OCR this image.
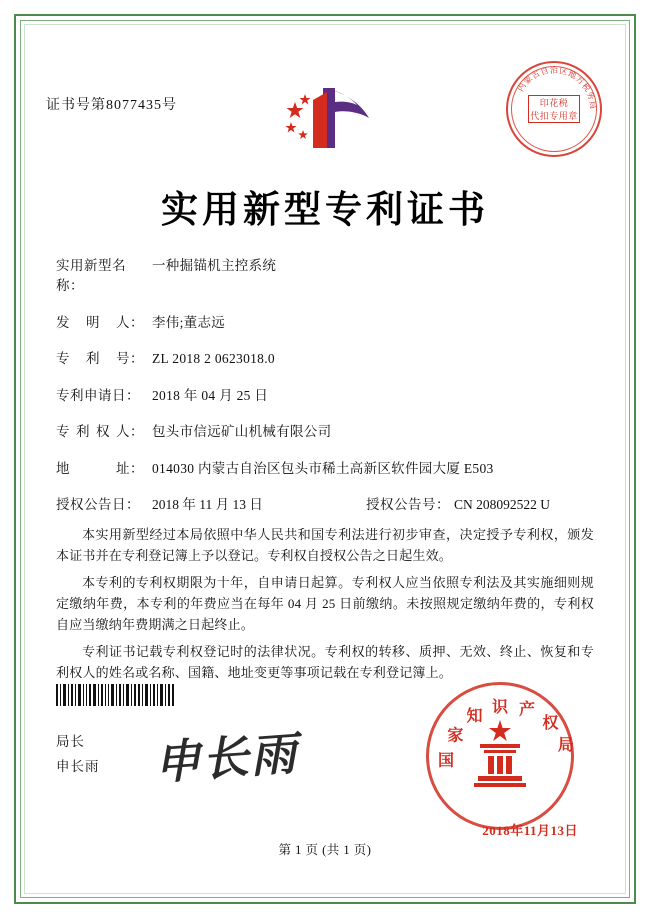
证书号第8077435号
内
蒙
古
自 治 区
地
方
税
务
局
印花税
代扣专用章
实用新型专利证书
实用新型名称：
一种掘锚机主控系统
发 明 人： 李伟;董志远
专 利 号： ZL 2018 2 0623018.0
专利申请日： 2018 年 04 月 25 日
专 利 权 人： 包头市信远矿山机械有限公司
地	址： 014030 内蒙古自治区包头市稀土高新区软件园大厦 E503
授权公告日： 2018 年 11 月 13 日	授权公告号： CN 208092522 U

本实用新型经过本局依照中华人民共和国专利法进行初步审查，决定授予专利权，颁发本证书并在专利登记簿上予以登记。专利权自授权公告之日起生效。

本专利的专利权期限为十年，自申请日起算。专利权人应当依照专利法及其实施细则规定缴纳年费，本专利的年费应当在每年 04 月 25 日前缴纳。未按照规定缴纳年费的，专利权自应当缴纳年费期满之日起终止。

专利证书记载专利权登记时的法律状况。专利权的转移、质押、无效、终止、恢复和专利权人的姓名或名称、国籍、地址变更等事项记载在专利登记簿上。

局长
申长雨 申长雨	国
家
知
识 产
权
局
2018年11月13日
第 1 页 (共 1 页)
